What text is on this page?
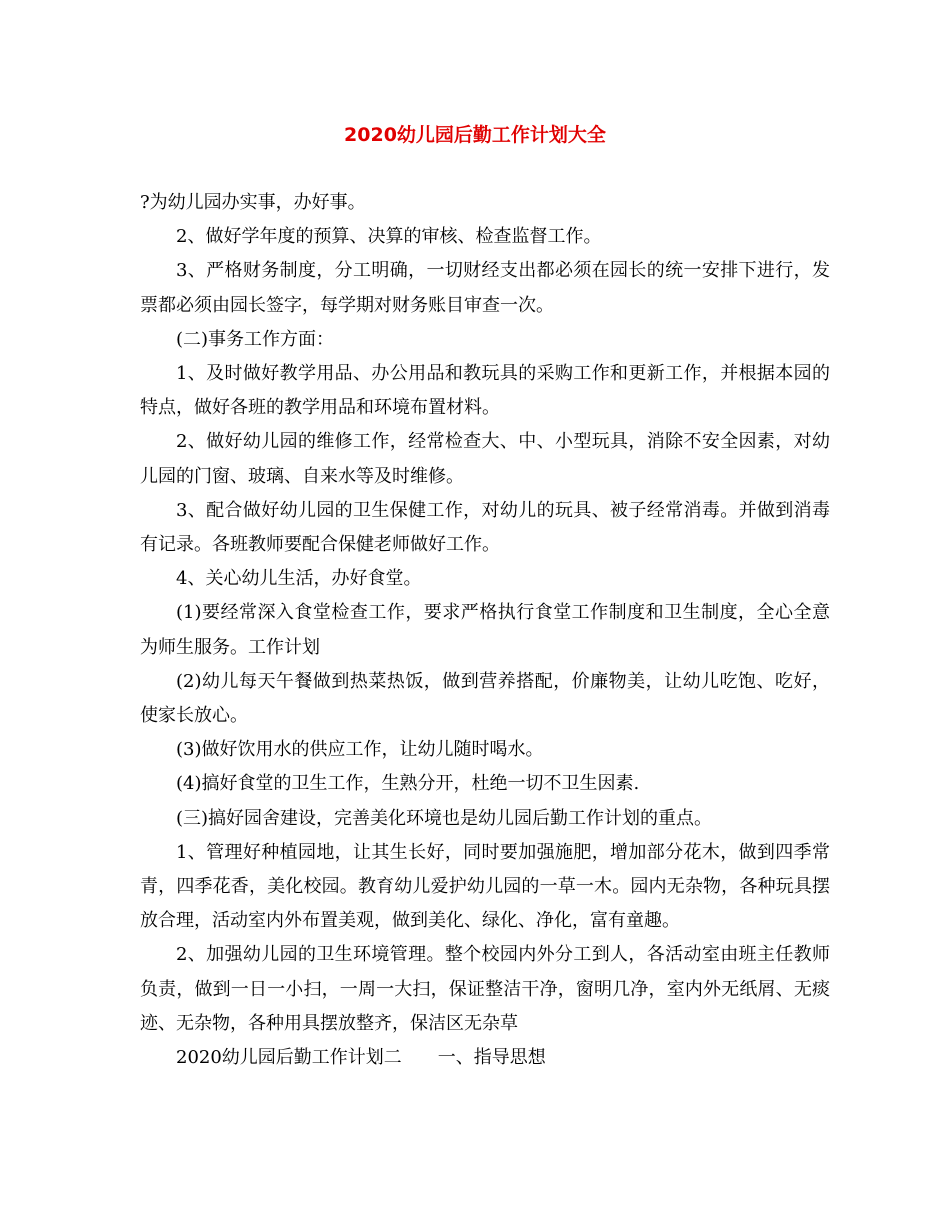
2020幼儿园后勤工作计划大全

?为幼儿园办实事，办好事。

2、做好学年度的预算、决算的审核、检查监督工作。

3、严格财务制度，分工明确，一切财经支出都必须在园长的统一安排下进行，发票都必须由园长签字，每学期对财务账目审查一次。

(二)事务工作方面：

1、及时做好教学用品、办公用品和教玩具的采购工作和更新工作，并根据本园的特点，做好各班的教学用品和环境布置材料。

2、做好幼儿园的维修工作，经常检查大、中、小型玩具，消除不安全因素，对幼儿园的门窗、玻璃、自来水等及时维修。

3、配合做好幼儿园的卫生保健工作，对幼儿的玩具、被子经常消毒。并做到消毒有记录。各班教师要配合保健老师做好工作。

4、关心幼儿生活，办好食堂。

(1)要经常深入食堂检查工作，要求严格执行食堂工作制度和卫生制度，全心全意为师生服务。工作计划

(2)幼儿每天午餐做到热菜热饭，做到营养搭配，价廉物美，让幼儿吃饱、吃好，使家长放心。

(3)做好饮用水的供应工作，让幼儿随时喝水。

(4)搞好食堂的卫生工作，生熟分开，杜绝一切不卫生因素.

(三)搞好园舍建设，完善美化环境也是幼儿园后勤工作计划的重点。

1、管理好种植园地，让其生长好，同时要加强施肥，增加部分花木，做到四季常青，四季花香，美化校园。教育幼儿爱护幼儿园的一草一木。园内无杂物，各种玩具摆放合理，活动室内外布置美观，做到美化、绿化、净化，富有童趣。

2、加强幼儿园的卫生环境管理。整个校园内外分工到人，各活动室由班主任教师负责，做到一日一小扫，一周一大扫，保证整洁干净，窗明几净，室内外无纸屑、无痰迹、无杂物，各种用具摆放整齐，保洁区无杂草

2020幼儿园后勤工作计划二　　一、指导思想
